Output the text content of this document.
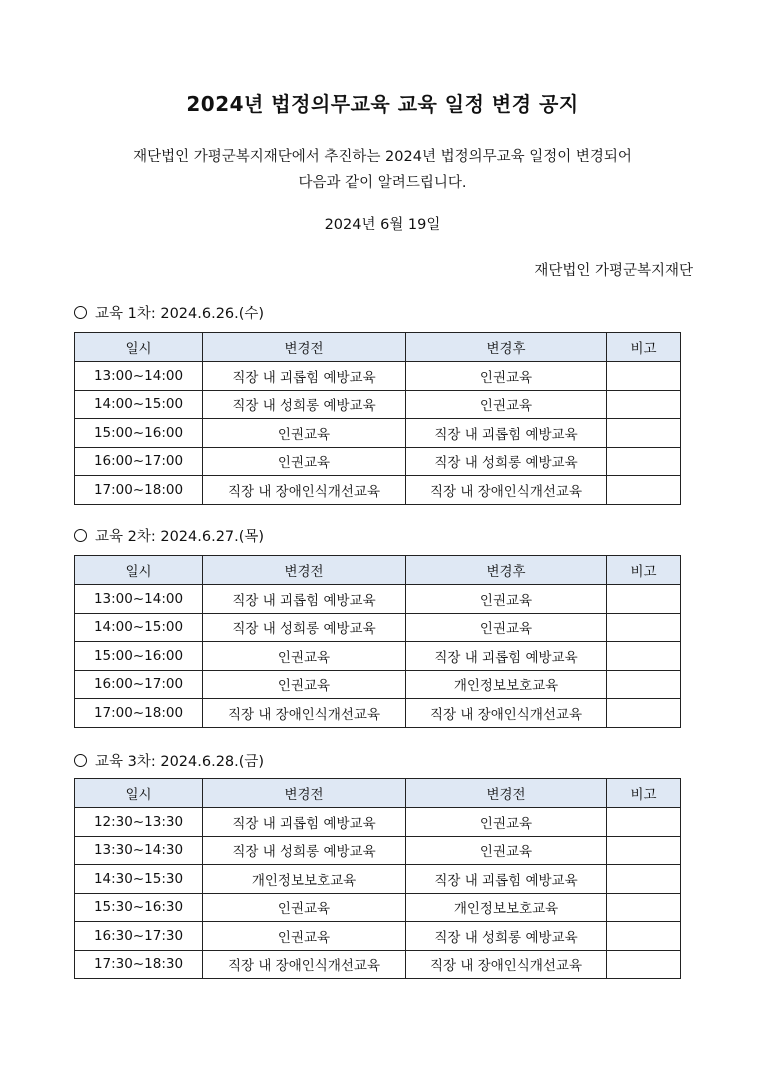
2024년 법정의무교육 교육 일정 변경 공지
재단법인 가평군복지재단에서 추진하는 2024년 법정의무교육 일정이 변경되어
다음과 같이 알려드립니다.
2024년 6월 19일
재단법인 가평군복지재단
교육 1차: 2024.6.26.(수)
일시	변경전	변경후	비고
13:00~14:00	직장 내 괴롭힘 예방교육	인권교육	
14:00~15:00	직장 내 성희롱 예방교육	인권교육	
15:00~16:00	인권교육	직장 내 괴롭힘 예방교육	
16:00~17:00	인권교육	직장 내 성희롱 예방교육	
17:00~18:00	직장 내 장애인식개선교육	직장 내 장애인식개선교육	
교육 2차: 2024.6.27.(목)
일시	변경전	변경후	비고
13:00~14:00	직장 내 괴롭힘 예방교육	인권교육	
14:00~15:00	직장 내 성희롱 예방교육	인권교육	
15:00~16:00	인권교육	직장 내 괴롭힘 예방교육	
16:00~17:00	인권교육	개인정보보호교육	
17:00~18:00	직장 내 장애인식개선교육	직장 내 장애인식개선교육	
교육 3차: 2024.6.28.(금)
일시	변경전	변경전	비고
12:30~13:30	직장 내 괴롭힘 예방교육	인권교육	
13:30~14:30	직장 내 성희롱 예방교육	인권교육	
14:30~15:30	개인정보보호교육	직장 내 괴롭힘 예방교육	
15:30~16:30	인권교육	개인정보보호교육	
16:30~17:30	인권교육	직장 내 성희롱 예방교육	
17:30~18:30	직장 내 장애인식개선교육	직장 내 장애인식개선교육	
